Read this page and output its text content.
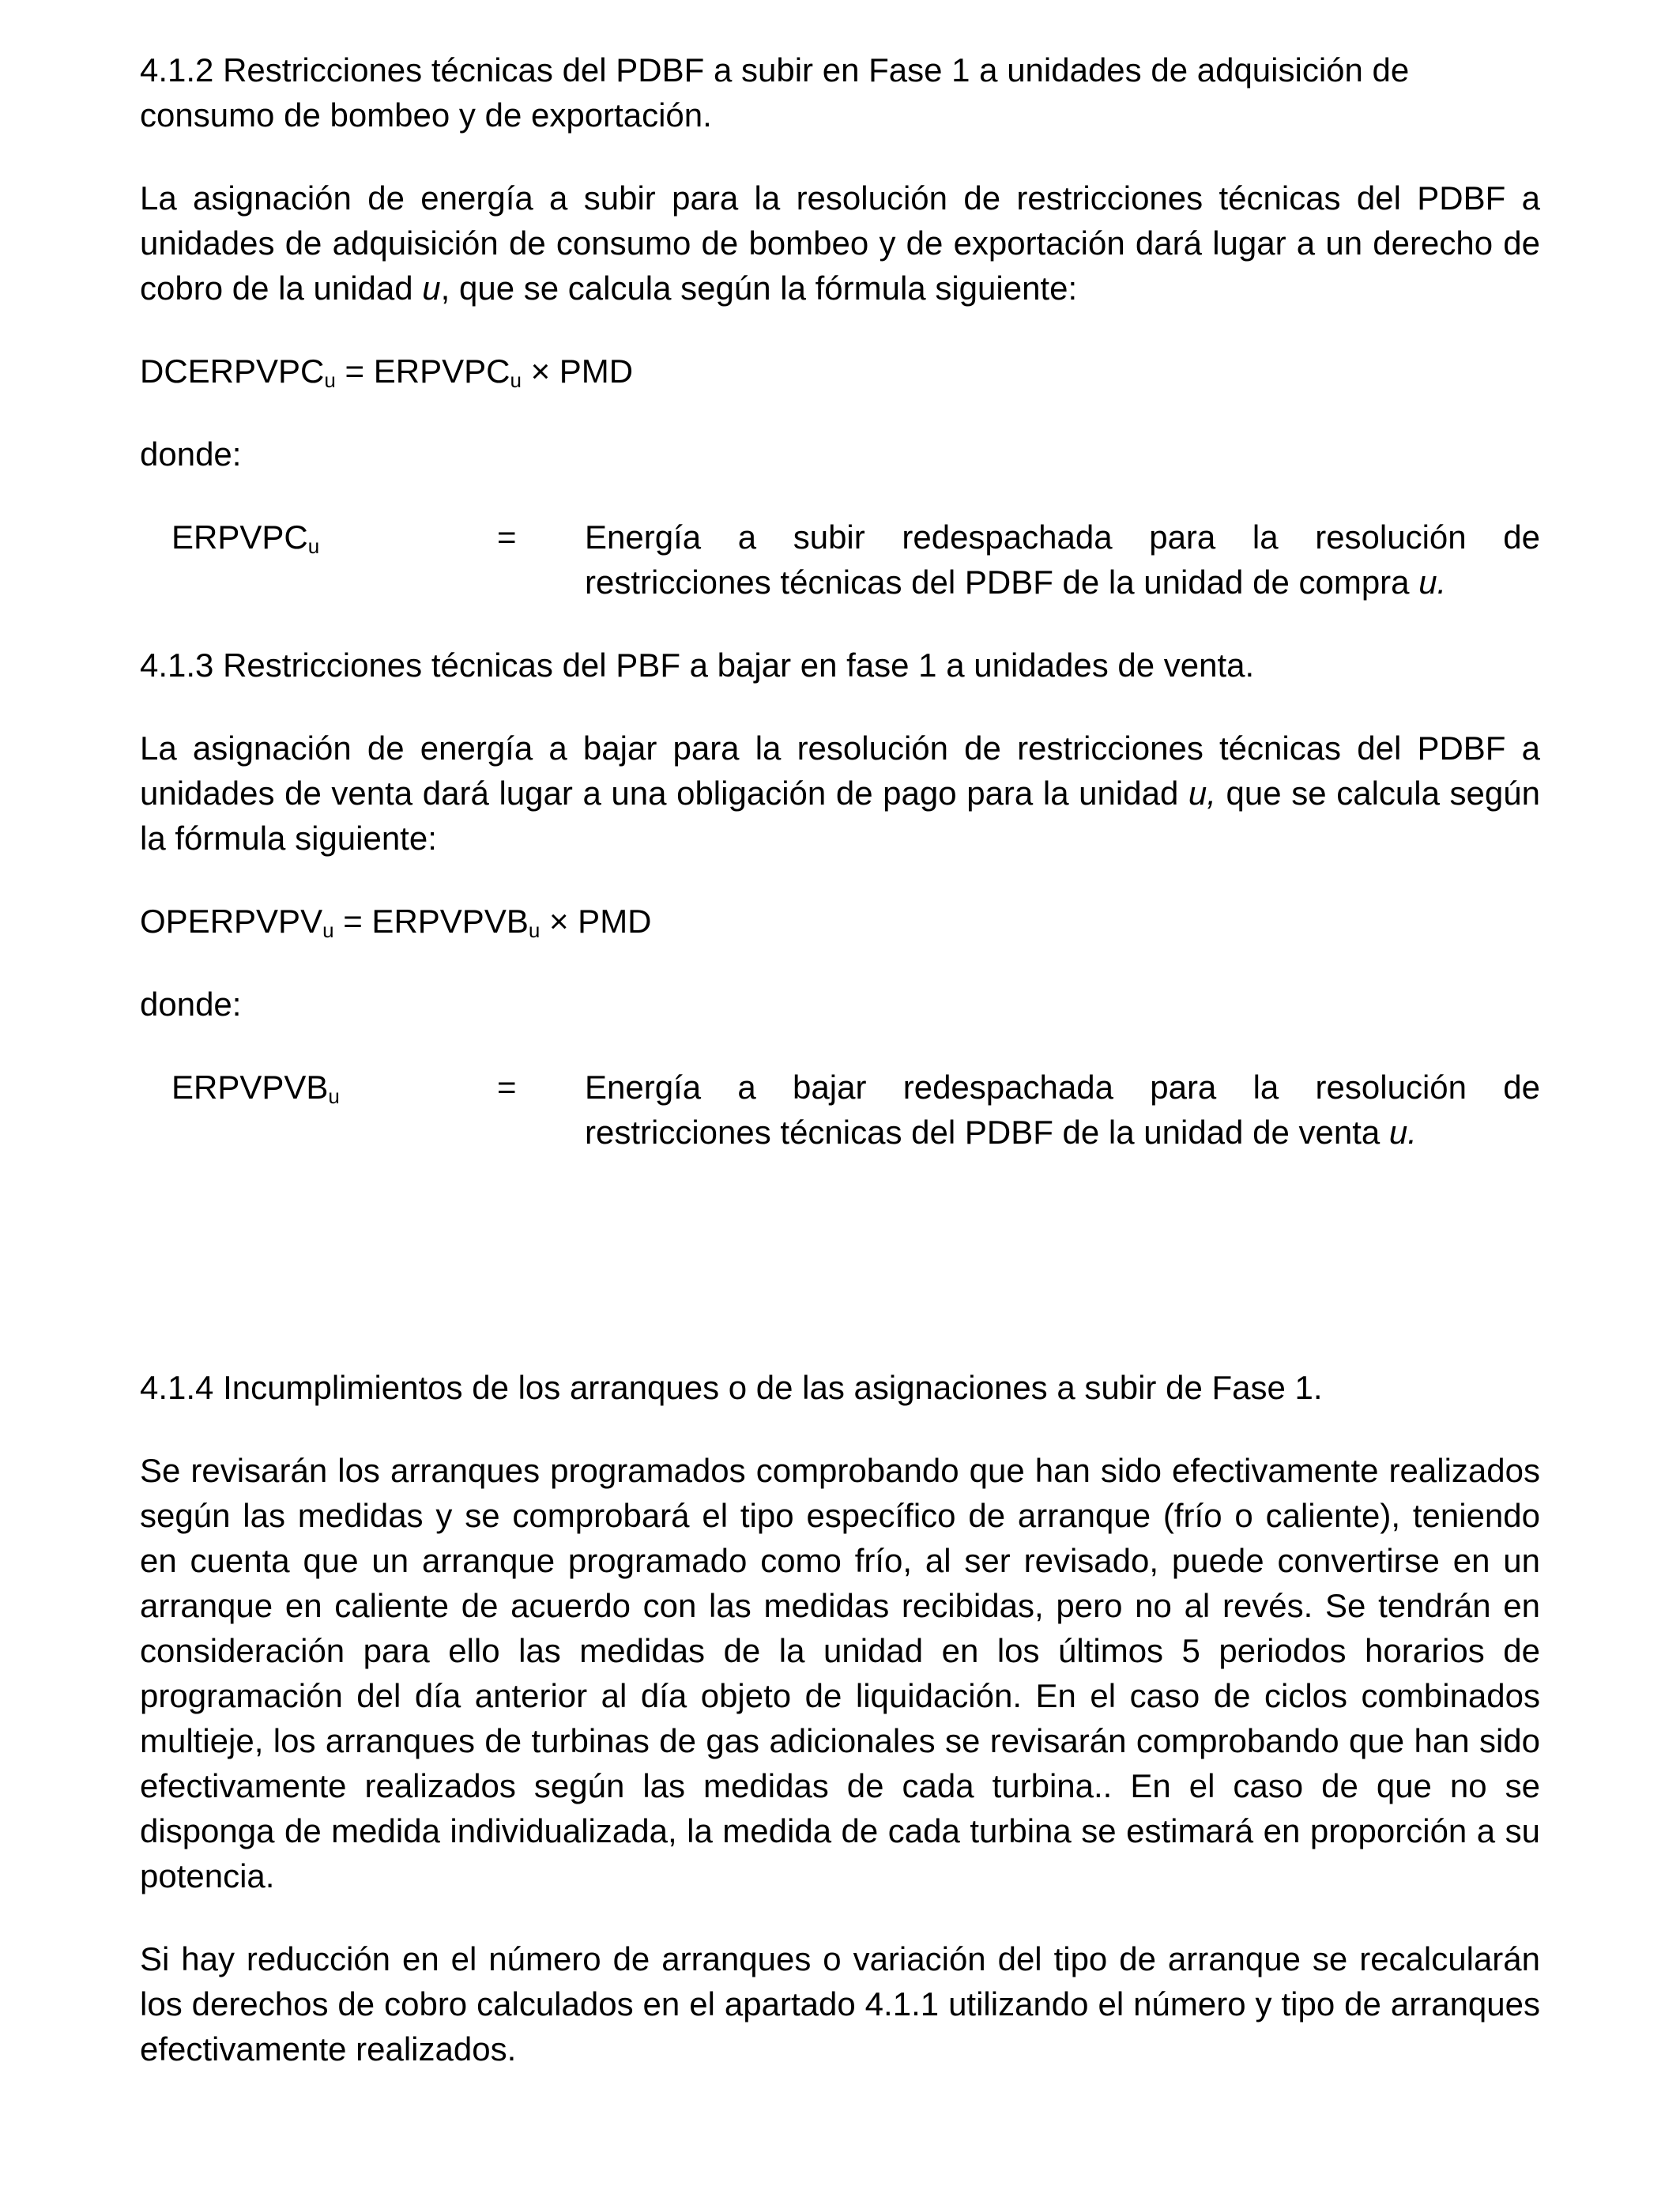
4.1.2 Restricciones técnicas del PDBF a subir en Fase 1 a unidades de adquisición de consumo de bombeo y de exportación.

La asignación de energía a subir para la resolución de restricciones técnicas del PDBF a unidades de adquisición de consumo de bombeo y de exportación dará lugar a un derecho de cobro de la unidad u, que se calcula según la fórmula siguiente:

$DCERPVPC_u$ = $ERPVPC_u$ × PMD

donde:

$ERPVPC_u$	=	Energía a subir redespachada para la resolución de restricciones técnicas del PDBF de la unidad de compra u.

4.1.3 Restricciones técnicas del PBF a bajar en fase 1 a unidades de venta.

La asignación de energía a bajar para la resolución de restricciones técnicas del PDBF a unidades de venta dará lugar a una obligación de pago para la unidad u, que se calcula según la fórmula siguiente:

$OPERPVPV_u$ = $ERPVPVB_u$ × PMD

donde:

$ERPVPVB_u$	=	Energía a bajar redespachada para la resolución de restricciones técnicas del PDBF de la unidad de venta u.

4.1.4 Incumplimientos de los arranques o de las asignaciones a subir de Fase 1.

Se revisarán los arranques programados comprobando que han sido efectivamente realizados según las medidas y se comprobará el tipo específico de arranque (frío o caliente), teniendo en cuenta que un arranque programado como frío, al ser revisado, puede convertirse en un arranque en caliente de acuerdo con las medidas recibidas, pero no al revés. Se tendrán en consideración para ello las medidas de la unidad en los últimos 5 periodos horarios de programación del día anterior al día objeto de liquidación. En el caso de ciclos combinados multieje, los arranques de turbinas de gas adicionales se revisarán comprobando que han sido efectivamente realizados según las medidas de cada turbina.. En el caso de que no se disponga de medida individualizada, la medida de cada turbina se estimará en proporción a su potencia.

Si hay reducción en el número de arranques o variación del tipo de arranque se recalcularán los derechos de cobro calculados en el apartado 4.1.1 utilizando el número y tipo de arranques efectivamente realizados.
